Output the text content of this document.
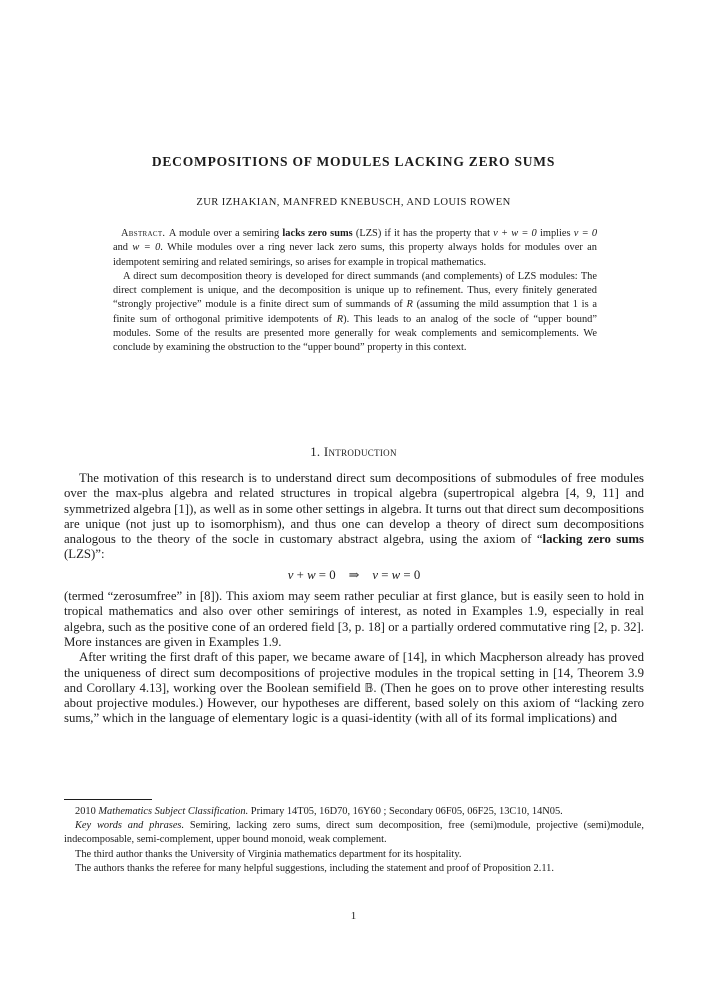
DECOMPOSITIONS OF MODULES LACKING ZERO SUMS
ZUR IZHAKIAN, MANFRED KNEBUSCH, AND LOUIS ROWEN

Abstract. A module over a semiring lacks zero sums (LZS) if it has the property that v + w = 0 implies v = 0 and w = 0. While modules over a ring never lack zero sums, this property always holds for modules over an idempotent semiring and related semirings, so arises for example in tropical mathematics.

A direct sum decomposition theory is developed for direct summands (and complements) of LZS modules: The direct complement is unique, and the decomposition is unique up to refinement. Thus, every finitely generated “strongly projective” module is a finite direct sum of summands of R (assuming the mild assumption that 1 is a finite sum of orthogonal primitive idempotents of R). This leads to an analog of the socle of “upper bound” modules. Some of the results are presented more generally for weak complements and semicomplements. We conclude by examining the obstruction to the “upper bound” property in this context.

1. Introduction

The motivation of this research is to understand direct sum decompositions of submodules of free modules over the max-plus algebra and related structures in tropical algebra (supertropical algebra [4, 9, 11] and symmetrized algebra [1]), as well as in some other settings in algebra. It turns out that direct sum decompositions are unique (not just up to isomorphism), and thus one can develop a theory of direct sum decompositions analogous to the theory of the socle in customary abstract algebra, using the axiom of “lacking zero sums (LZS)”:

v + w = 0 ⇒ v = w = 0

(termed “zerosumfree” in [8]). This axiom may seem rather peculiar at first glance, but is easily seen to hold in tropical mathematics and also over other semirings of interest, as noted in Examples 1.9, especially in real algebra, such as the positive cone of an ordered field [3, p. 18] or a partially ordered commutative ring [2, p. 32]. More instances are given in Examples 1.9.

After writing the first draft of this paper, we became aware of [14], in which Macpherson already has proved the uniqueness of direct sum decompositions of projective modules in the tropical setting in [14, Theorem 3.9 and Corollary 4.13], working over the Boolean semifield 𝔹. (Then he goes on to prove other interesting results about projective modules.) However, our hypotheses are different, based solely on this axiom of “lacking zero sums,” which in the language of elementary logic is a quasi-identity (with all of its formal implications) and

2010 Mathematics Subject Classification. Primary 14T05, 16D70, 16Y60 ; Secondary 06F05, 06F25, 13C10, 14N05.

Key words and phrases. Semiring, lacking zero sums, direct sum decomposition, free (semi)module, projective (semi)module, indecomposable, semi-complement, upper bound monoid, weak complement.

The third author thanks the University of Virginia mathematics department for its hospitality.

The authors thanks the referee for many helpful suggestions, including the statement and proof of Proposition 2.11.

1
